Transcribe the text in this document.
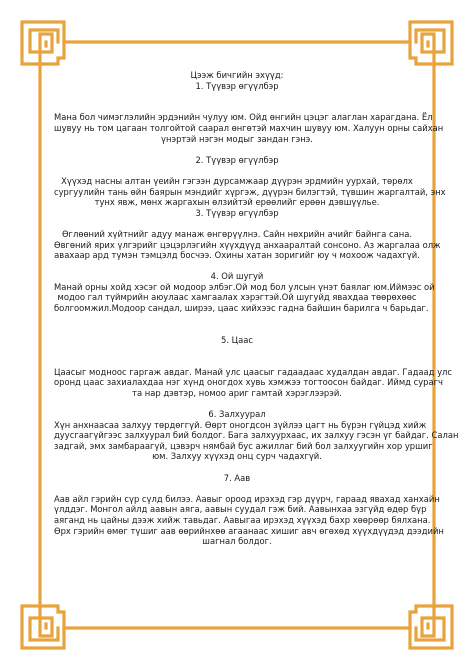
Цээж бичгийн эхүүд:
1. Түүвэр өгүүлбэр
Мана бол чимэглэлийн эрдэнийн чулуу юм. Ойд өнгийн цэцэг алаглан харагдана. Ёл
шувуу нь том цагаан толгойтой саарал өнгөтэй махчин шувуу юм. Халуун орны сайхан
үнэртэй нэгэн модыг зандан гэнэ.
2. Түүвэр өгүүлбэр
Хүүхэд насны алтан үеийн гэгээн дурсамжаар дүүрэн эрдмийн уурхай, төрөлх
сургуулийн тань өйн баярын мэндийг хүргэж, дүүрэн билэгтэй, түвшин жаргалтай, энх
тунх явж, мөнх жаргахын өлзийтэй ерөөлийг ерөөн дэвшүүлье.
3. Түүвэр өгүүлбэр
Өглөөний хүйтнийг адуу манаж өнгөрүүлнэ. Сайн нөхрийн ачийг байнга сана.
Өвгөний ярих үлгэрийг цэцэрлэгийн хүүхдүүд анхааралтай сонсоно. Аз жаргалаа олж
авахаар ард түмэн тэмцэлд босчээ. Охины хатан зоригийг юу ч мохоож чадахгүй.
4. Ой шугуй
Манай орны хойд хэсэг ой модоор элбэг.Ой мод бол улсын үнэт баялаг юм.Иймээс ой
модоо гал түймрийн аюулаас хамгаалах хэрэгтэй.Ой шугуйд явахдаа төөрөхөөс
болгоомжил.Модоор сандал, ширээ, цаас хийхээс гадна байшин барилга ч барьдаг.
5. Цаас
Цаасыг модноос гаргаж авдаг. Манай улс цаасыг гадаадаас худалдан авдаг. Гадаад улс
оронд цаас захиалахдаа нэг хүнд оногдох хувь хэмжээ тогтоосон байдаг. Иймд сурагч
та нар дэвтэр, номоо ариг гамтай хэрэглээрэй.
6. Залхуурал
Хүн анхнаасаа залхуу төрдөггүй. Өөрт оногдсон зүйлээ цагт нь бүрэн гүйцэд хийж
дуусгаагүйгээс залхуурал бий болдог. Бага залхуурхаас, их залхуу гэсэн үг байдаг. Салан
задгай, эмх замбараагүй, цэвэрч нямбай бус ажиллаг бий бол залхуугийн хор уршиг
юм. Залхуу хүүхэд онц сурч чадахгүй.
7. Аав
Аав айл гэрийн сүр сүлд билээ. Аавыг ороод ирэхэд гэр дүүрч, гараад явахад ханхайн
үлддэг. Монгол айлд аавын аяга, аавын суудал гэж бий. Аавынхаа эзгүйд өдөр бүр
аяганд нь цайны дээж хийж тавьдаг. Аавыгаа ирэхэд хүүхэд бахр хөөрөөр бялхана.
Өрх гэрийн өмөг түшиг аав өөрийнхөө агаанаас хишиг авч өгөхөд хүүхдүүдэд дээдийн
шагнал болдог.
